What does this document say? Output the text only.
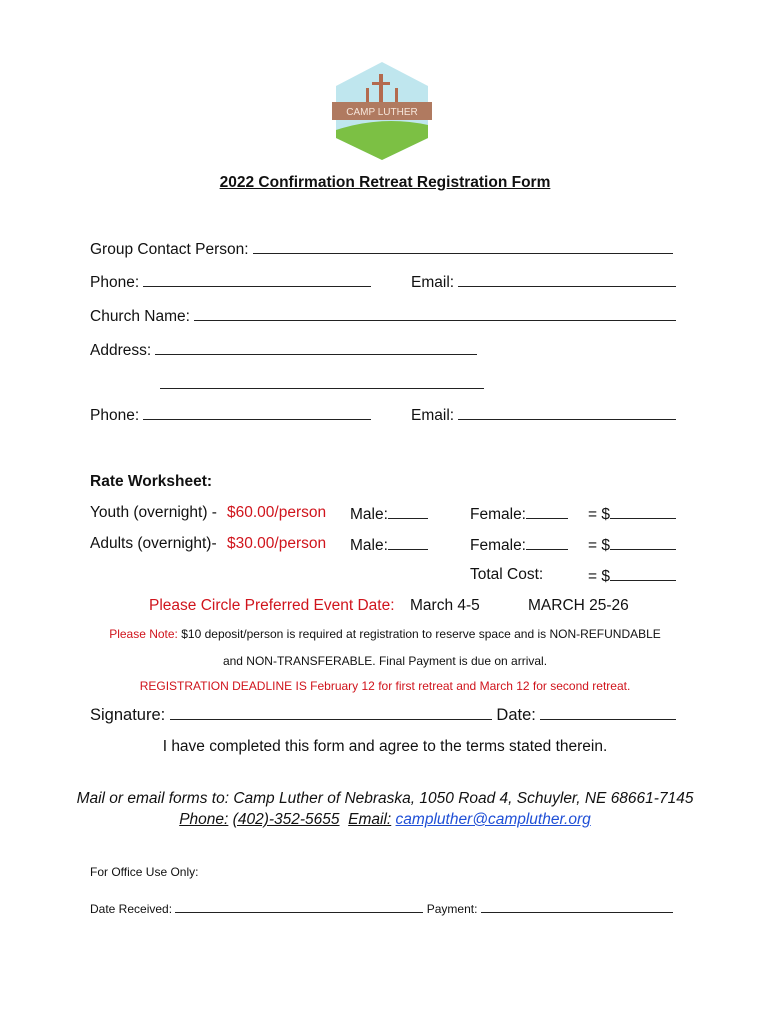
CAMP LUTHER
2022 Confirmation Retreat Registration Form
Group Contact Person:
Phone:	Email:
Church Name:
Address:
Phone:	Email:
Rate Worksheet:
Youth (overnight) - $60.00/person Male:	Female:	= $
Adults (overnight)- $30.00/person Male:	Female:	= $
Total Cost:	= $
Please Circle Preferred Event Date: March 4-5	MARCH 25-26
Please Note: $10 deposit/person is required at registration to reserve space and is NON-REFUNDABLE
and NON-TRANSFERABLE. Final Payment is due on arrival.
REGISTRATION DEADLINE IS February 12 for first retreat and March 12 for second retreat.
Signature:	Date:
I have completed this form and agree to the terms stated therein.
Mail or email forms to: Camp Luther of Nebraska, 1050 Road 4, Schuyler, NE 68661-7145
Phone: (402)-352-5655 Email: campluther@campluther.org
For Office Use Only:
Date Received:	Payment:
